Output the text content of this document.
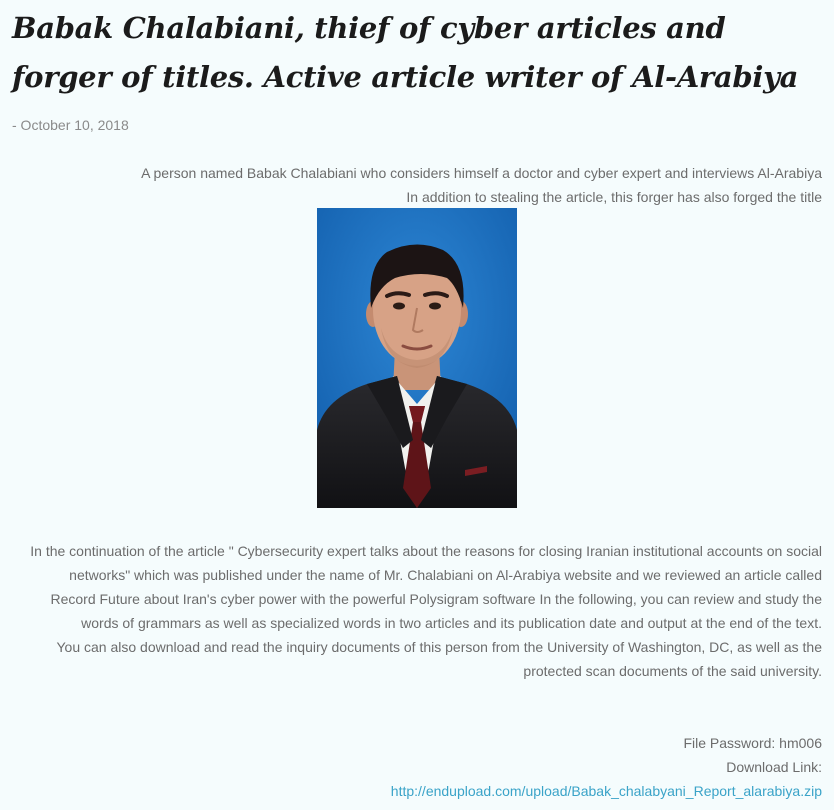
Babak Chalabiani, thief of cyber articles and forger of titles. Active article writer of Al-Arabiya
- October 10, 2018
A person named Babak Chalabiani who considers himself a doctor and cyber expert and interviews Al-Arabiya
In addition to stealing the article, this forger has also forged the title

In the continuation of the article " Cybersecurity expert talks about the reasons for closing Iranian institutional accounts on social networks" which was published under the name of Mr. Chalabiani on Al-Arabiya website and we reviewed an article called Record Future about Iran's cyber power with the powerful Polysigram software In the following, you can review and study the words of grammars as well as specialized words in two articles and its publication date and output at the end of the text.

You can also download and read the inquiry documents of this person from the University of Washington, DC, as well as the protected scan documents of the said university.

File Password: hm006
Download Link:
http://endupload.com/upload/Babak_chalabyani_Report_alarabiya.zip
